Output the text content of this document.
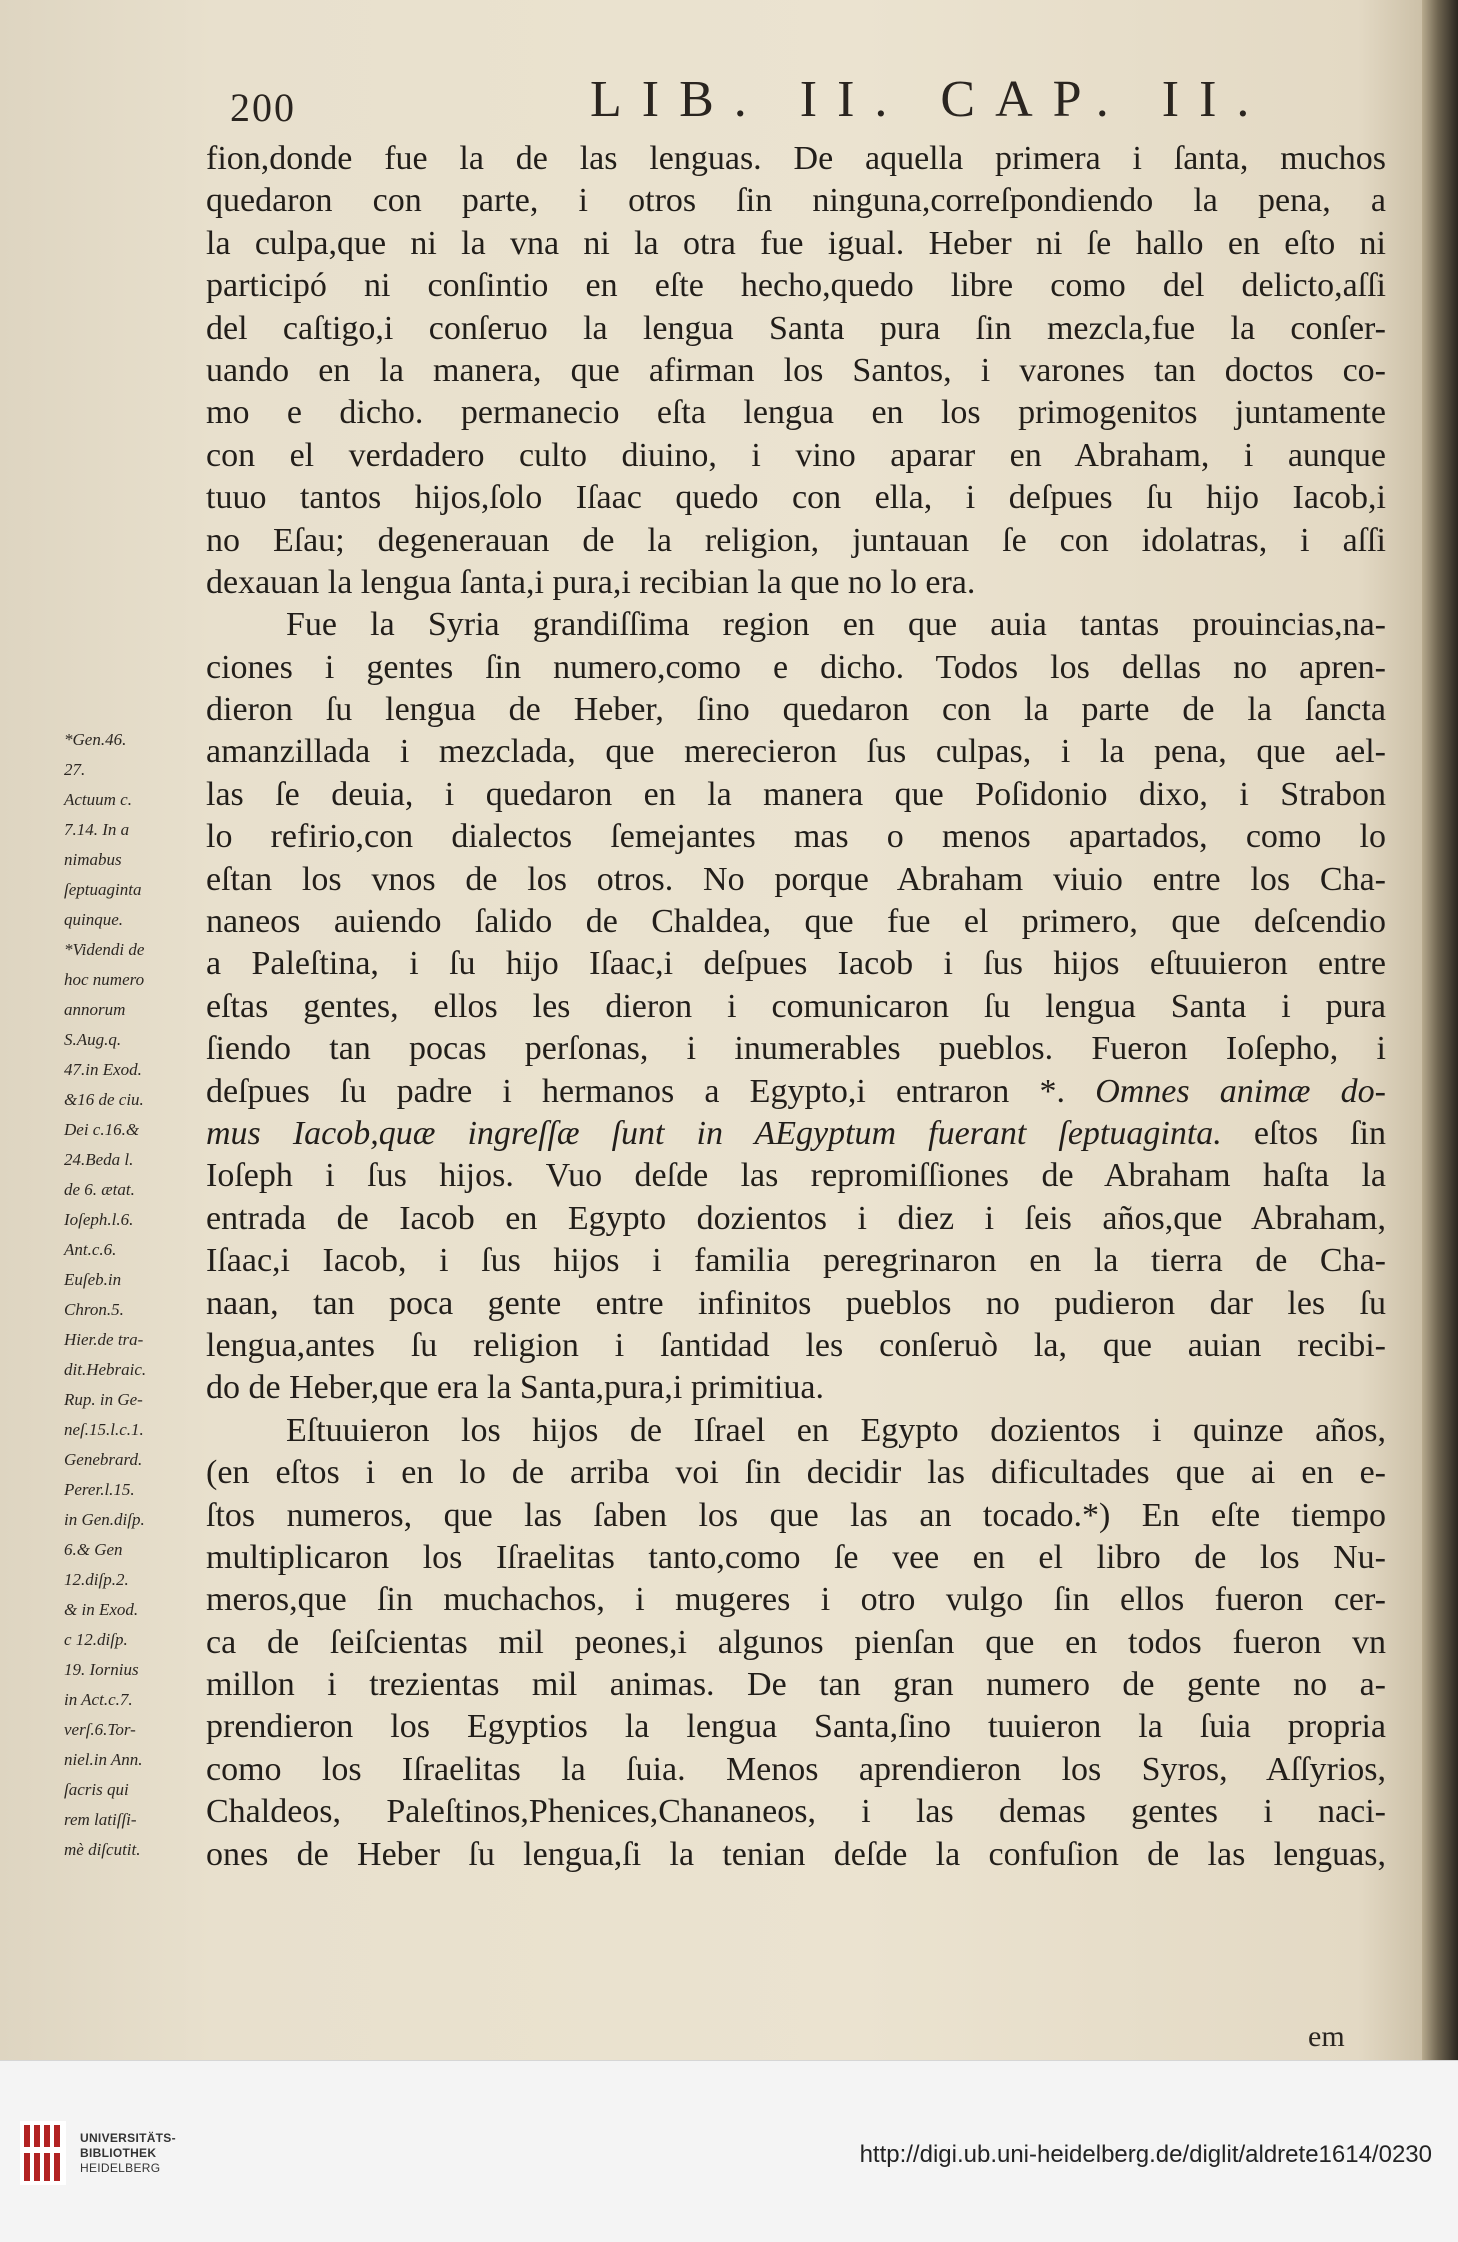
200	LIB. II. CAP. II.
fion,donde fue la de las lenguas. De aquella primera i ſanta, muchos
quedaron con parte, i otros ſin ninguna,correſpondiendo la pena, a
la culpa,que ni la vna ni la otra fue igual. Heber ni ſe hallo en eſto ni
participó ni conſintio en eſte hecho,quedo libre como del delicto,aſſi
del caſtigo,i conſeruo la lengua Santa pura ſin mezcla,fue la conſer-
uando en la manera, que afirman los Santos, i varones tan doctos co-
mo e dicho. permanecio eſta lengua en los primogenitos juntamente
con el verdadero culto diuino, i vino aparar en Abraham, i aunque
tuuo tantos hijos,ſolo Iſaac quedo con ella, i deſpues ſu hijo Iacob,i
no Eſau; degenerauan de la religion, juntauan ſe con idolatras, i aſſi
dexauan la lengua ſanta,i pura,i recibian la que no lo era.
Fue la Syria grandiſſima region en que auia tantas prouincias,na-
ciones i gentes ſin numero,como e dicho. Todos los dellas no apren-
dieron ſu lengua de Heber, ſino quedaron con la parte de la ſancta
amanzillada i mezclada, que merecieron ſus culpas, i la pena, que ael-
las ſe deuia, i quedaron en la manera que Poſidonio dixo, i Strabon
lo refirio,con dialectos ſemejantes mas o menos apartados, como lo
eſtan los vnos de los otros. No porque Abraham viuio entre los Cha-
naneos auiendo ſalido de Chaldea, que fue el primero, que deſcendio
a Paleſtina, i ſu hijo Iſaac,i deſpues Iacob i ſus hijos eſtuuieron entre
eſtas gentes, ellos les dieron i comunicaron ſu lengua Santa i pura
ſiendo tan pocas perſonas, i inumerables pueblos. Fueron Ioſepho, i
deſpues ſu padre i hermanos a Egypto,i entraron *. Omnes animæ do-
mus Iacob,quæ ingreſſæ ſunt in AEgyptum fuerant ſeptuaginta. eſtos ſin
Ioſeph i ſus hijos. Vuo deſde las repromiſſiones de Abraham haſta la
entrada de Iacob en Egypto dozientos i diez i ſeis años,que Abraham,
Iſaac,i Iacob, i ſus hijos i familia peregrinaron en la tierra de Cha-
naan, tan poca gente entre infinitos pueblos no pudieron dar les ſu
lengua,antes ſu religion i ſantidad les conſeruò la, que auian recibi-
do de Heber,que era la Santa,pura,i primitiua.
Eſtuuieron los hijos de Iſrael en Egypto dozientos i quinze años,
(en eſtos i en lo de arriba voi ſin decidir las dificultades que ai en e-
ſtos numeros, que las ſaben los que las an tocado.*) En eſte tiempo
multiplicaron los Iſraelitas tanto,como ſe vee en el libro de los Nu-
meros,que ſin muchachos, i mugeres i otro vulgo ſin ellos fueron cer-
ca de ſeiſcientas mil peones,i algunos pienſan que en todos fueron vn
millon i trezientas mil animas. De tan gran numero de gente no a-
prendieron los Egyptios la lengua Santa,ſino tuuieron la ſuia propria
como los Iſraelitas la ſuia. Menos aprendieron los Syros, Aſſyrios,
Chaldeos, Paleſtinos,Phenices,Chananeos, i las demas gentes i naci-
ones de Heber ſu lengua,ſi la tenian deſde la confuſion de las lenguas,
*Gen.46.
27.
Actuum c.
7.14. In a
nimabus
ſeptuaginta
quinque.
*Videndi de
hoc numero
annorum
S.Aug.q.
47.in Exod.
&16 de ciu.
Dei c.16.&
24.Beda l.
de 6. ætat.
Ioſeph.l.6.
Ant.c.6.
Euſeb.in
Chron.5.
Hier.de tra-
dit.Hebraic.
Rup. in Ge-
neſ.15.l.c.1.
Genebrard.
Perer.l.15.
in Gen.diſp.
6.& Gen
12.diſp.2.
& in Exod.
c 12.diſp.
19. Iornius
in Act.c.7.
verſ.6.Tor-
niel.in Ann.
ſacris qui
rem latiſſi-
mè diſcutit.
em
UNIVERSITÄTS-
BIBLIOTHEK
HEIDELBERG	http://digi.ub.uni-heidelberg.de/diglit/aldrete1614/0230
